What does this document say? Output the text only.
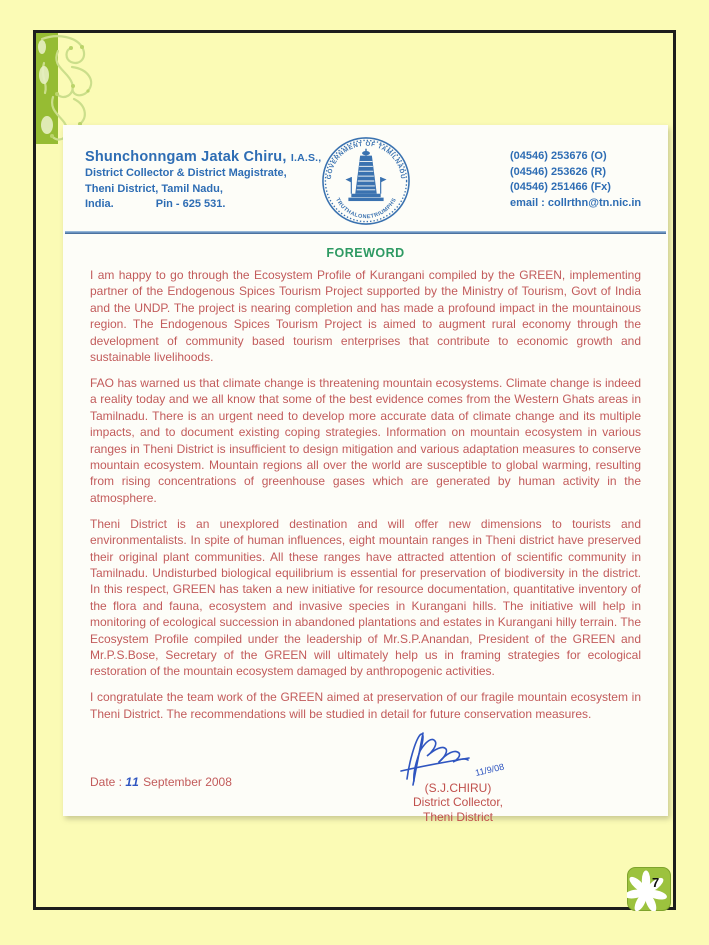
Shunchonngam Jatak Chiru, I.A.S.,
District Collector & District Magistrate,
Theni District, Tamil Nadu,
India.	Pin - 625 531.
GOVERNMENT OF TAMILNADU
TRUTHALONETRIUMPHS
(04546) 253676 (O)
(04546) 253626 (R)
(04546) 251466 (Fx)
email : collrthn@tn.nic.in
FOREWORD

I am happy to go through the Ecosystem Profile of Kurangani compiled by the GREEN, implementing partner of the Endogenous Spices Tourism Project supported by the Ministry of Tourism, Govt of India and the UNDP. The project is nearing completion and has made a profound impact in the mountainous region. The Endogenous Spices Tourism Project is aimed to augment rural economy through the development of community based tourism enterprises that contribute to economic growth and sustainable livelihoods.

FAO has warned us that climate change is threatening mountain ecosystems. Climate change is indeed a reality today and we all know that some of the best evidence comes from the Western Ghats areas in Tamilnadu. There is an urgent need to develop more accurate data of climate change and its multiple impacts, and to document existing coping strategies. Information on mountain ecosystem in various ranges in Theni District is insufficient to design mitigation and various adaptation measures to conserve mountain ecosystem. Mountain regions all over the world are susceptible to global warming, resulting from rising concentrations of greenhouse gases which are generated by human activity in the atmosphere.

Theni District is an unexplored destination and will offer new dimensions to tourists and environmentalists. In spite of human influences, eight mountain ranges in Theni district have preserved their original plant communities. All these ranges have attracted attention of scientific community in Tamilnadu. Undisturbed biological equilibrium is essential for preservation of biodiversity in the district. In this respect, GREEN has taken a new initiative for resource documentation, quantitative inventory of the flora and fauna, ecosystem and invasive species in Kurangani hills. The initiative will help in monitoring of ecological succession in abandoned plantations and estates in Kurangani hilly terrain. The Ecosystem Profile compiled under the leadership of Mr.S.P.Anandan, President of the GREEN and Mr.P.S.Bose, Secretary of the GREEN will ultimately help us in framing strategies for ecological restoration of the mountain ecosystem damaged by anthropogenic activities.

I congratulate the team work of the GREEN aimed at preservation of our fragile mountain ecosystem in Theni District. The recommendations will be studied in detail for future conservation measures.

Date : 11 September 2008
11/9/08
(S.J.CHIRU)
District Collector,
Theni District
7
